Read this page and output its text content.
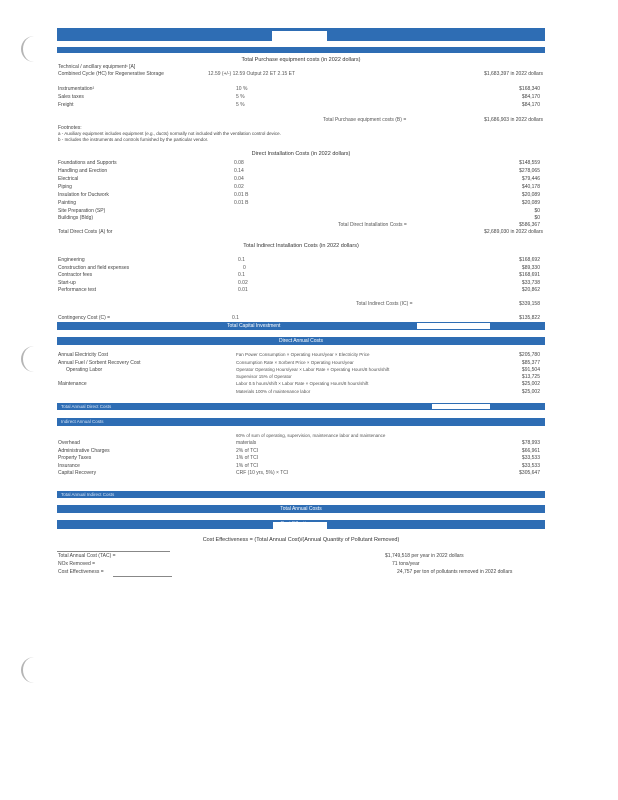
Total Purchase equipment costs (in 2022 dollars)
Technical / ancillary equipment¹ [A]
Combined Cycle (HC) for Regenerative Storage	12.59 (+/-) 12.59 Output 22 ET 2.15 ET	$1,683,397 in 2022 dollars
Instrumentation²	10 %	$168,340
Sales taxes	5 %	$84,170
Freight	5 %	$84,170
Total Purchase equipment costs (B) =	$1,686,903 in 2022 dollars
Footnotes:
a - Auxiliary equipment includes equipment (e.g., ducts) normally not included with the ventilation control device.
b - Includes the instruments and controls furnished by the particular vendor.
Direct Installation Costs (in 2022 dollars)
Foundations and Supports	0.08	$148,559
Handling and Erection	0.14	$278,065
Electrical	0.04	$79,446
Piping	0.02	$40,178
Insulation for Ductwork	0.01 B	$20,089
Painting	0.01 B	$20,089
Site Preparation (SP)	$0
Buildings (Bldg)	$0
Total Direct Installation Costs =	$586,367
Total Direct Costs (A) for	$2,689,030 in 2022 dollars
Total Indirect Installation Costs (in 2022 dollars)
Engineering	0.1	$168,692
Construction and field expenses	0	$89,330
Contractor fees	0.1	$168,691
Start-up	0.02	$33,738
Performance test	0.01	$20,862
Total Indirect Costs (IC) =	$339,158
Contingency Cost (C) =	0.1	$135,822
Total Capital Investment
Direct Annual Costs
Annual Electricity Cost	Fan Power Consumption × Operating Hours/year × Electricity Price	$205,780
Annual Fuel / Sorbent Recovery Cost	Consumption Rate × Sorbent Price × Operating Hours/year	$85,377
Operating Labor	Operator Operating Hours/year × Labor Rate × Operating Hours/8 hours/shift	$91,504
Supervisor 15% of Operator	$13,725
Maintenance	Labor 0.5 hours/shift × Labor Rate × Operating Hours/8 hours/shift	$25,002
Materials 100% of maintenance labor	$25,002
Total Annual Direct Costs
Indirect Annual Costs
60% of sum of operating, supervision, maintenance labor and maintenance
Overhead	materials	$78,993
Administrative Charges	2% of TCI	$66,961
Property Taxes	1% of TCI	$33,533
Insurance	1% of TCI	$33,533
Capital Recovery	CRF (10 yrs, 5%) × TCI	$305,647
Total Annual Indirect Costs
Total Annual Costs
Cost Effectiveness = (Total Annual Cost)/(Annual Quantity of Pollutant Removed)
Total Annual Cost (TAC) =	$1,749,518 per year in 2022 dollars
NOx Removed =	71 tons/year
Cost Effectiveness =	24,757 per ton of pollutants removed in 2022 dollars
